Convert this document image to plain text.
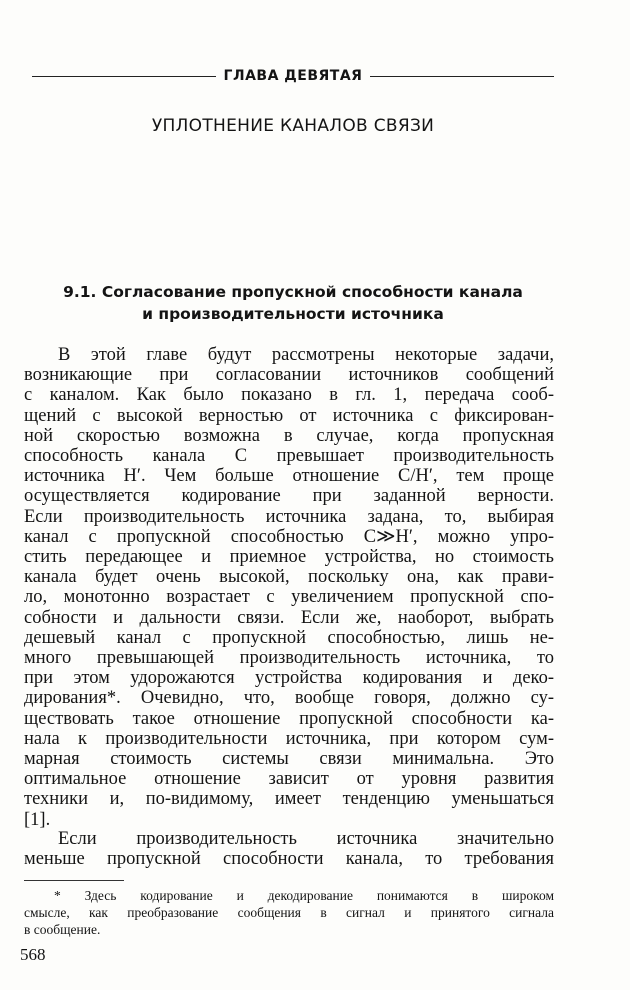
ГЛАВА ДЕВЯТАЯ
УПЛОТНЕНИЕ КАНАЛОВ СВЯЗИ
9.1. Согласование пропускной способности канала
и производительности источника
В этой главе будут рассмотрены некоторые задачи,
возникающие при согласовании источников сообщений
с каналом. Как было показано в гл. 1, передача сооб-
щений с высокой верностью от источника с фиксирован-
ной скоростью возможна в случае, когда пропускная
способность канала C превышает производительность
источника H′. Чем больше отношение C/H′, тем проще
осуществляется кодирование при заданной верности.
Если производительность источника задана, то, выбирая
канал с пропускной способностью C≫H′, можно упро-
стить передающее и приемное устройства, но стоимость
канала будет очень высокой, поскольку она, как прави-
ло, монотонно возрастает с увеличением пропускной спо-
собности и дальности связи. Если же, наоборот, выбрать
дешевый канал с пропускной способностью, лишь не-
много превышающей производительность источника, то
при этом удорожаются устройства кодирования и деко-
дирования*. Очевидно, что, вообще говоря, должно су-
ществовать такое отношение пропускной способности ка-
нала к производительности источника, при котором сум-
марная стоимость системы связи минимальна. Это
оптимальное отношение зависит от уровня развития
техники и, по-видимому, имеет тенденцию уменьшаться
[1].
Если производительность источника значительно
меньше пропускной способности канала, то требования
* Здесь кодирование и декодирование понимаются в широком
смысле, как преобразование сообщения в сигнал и принятого сигнала
в сообщение.
568
